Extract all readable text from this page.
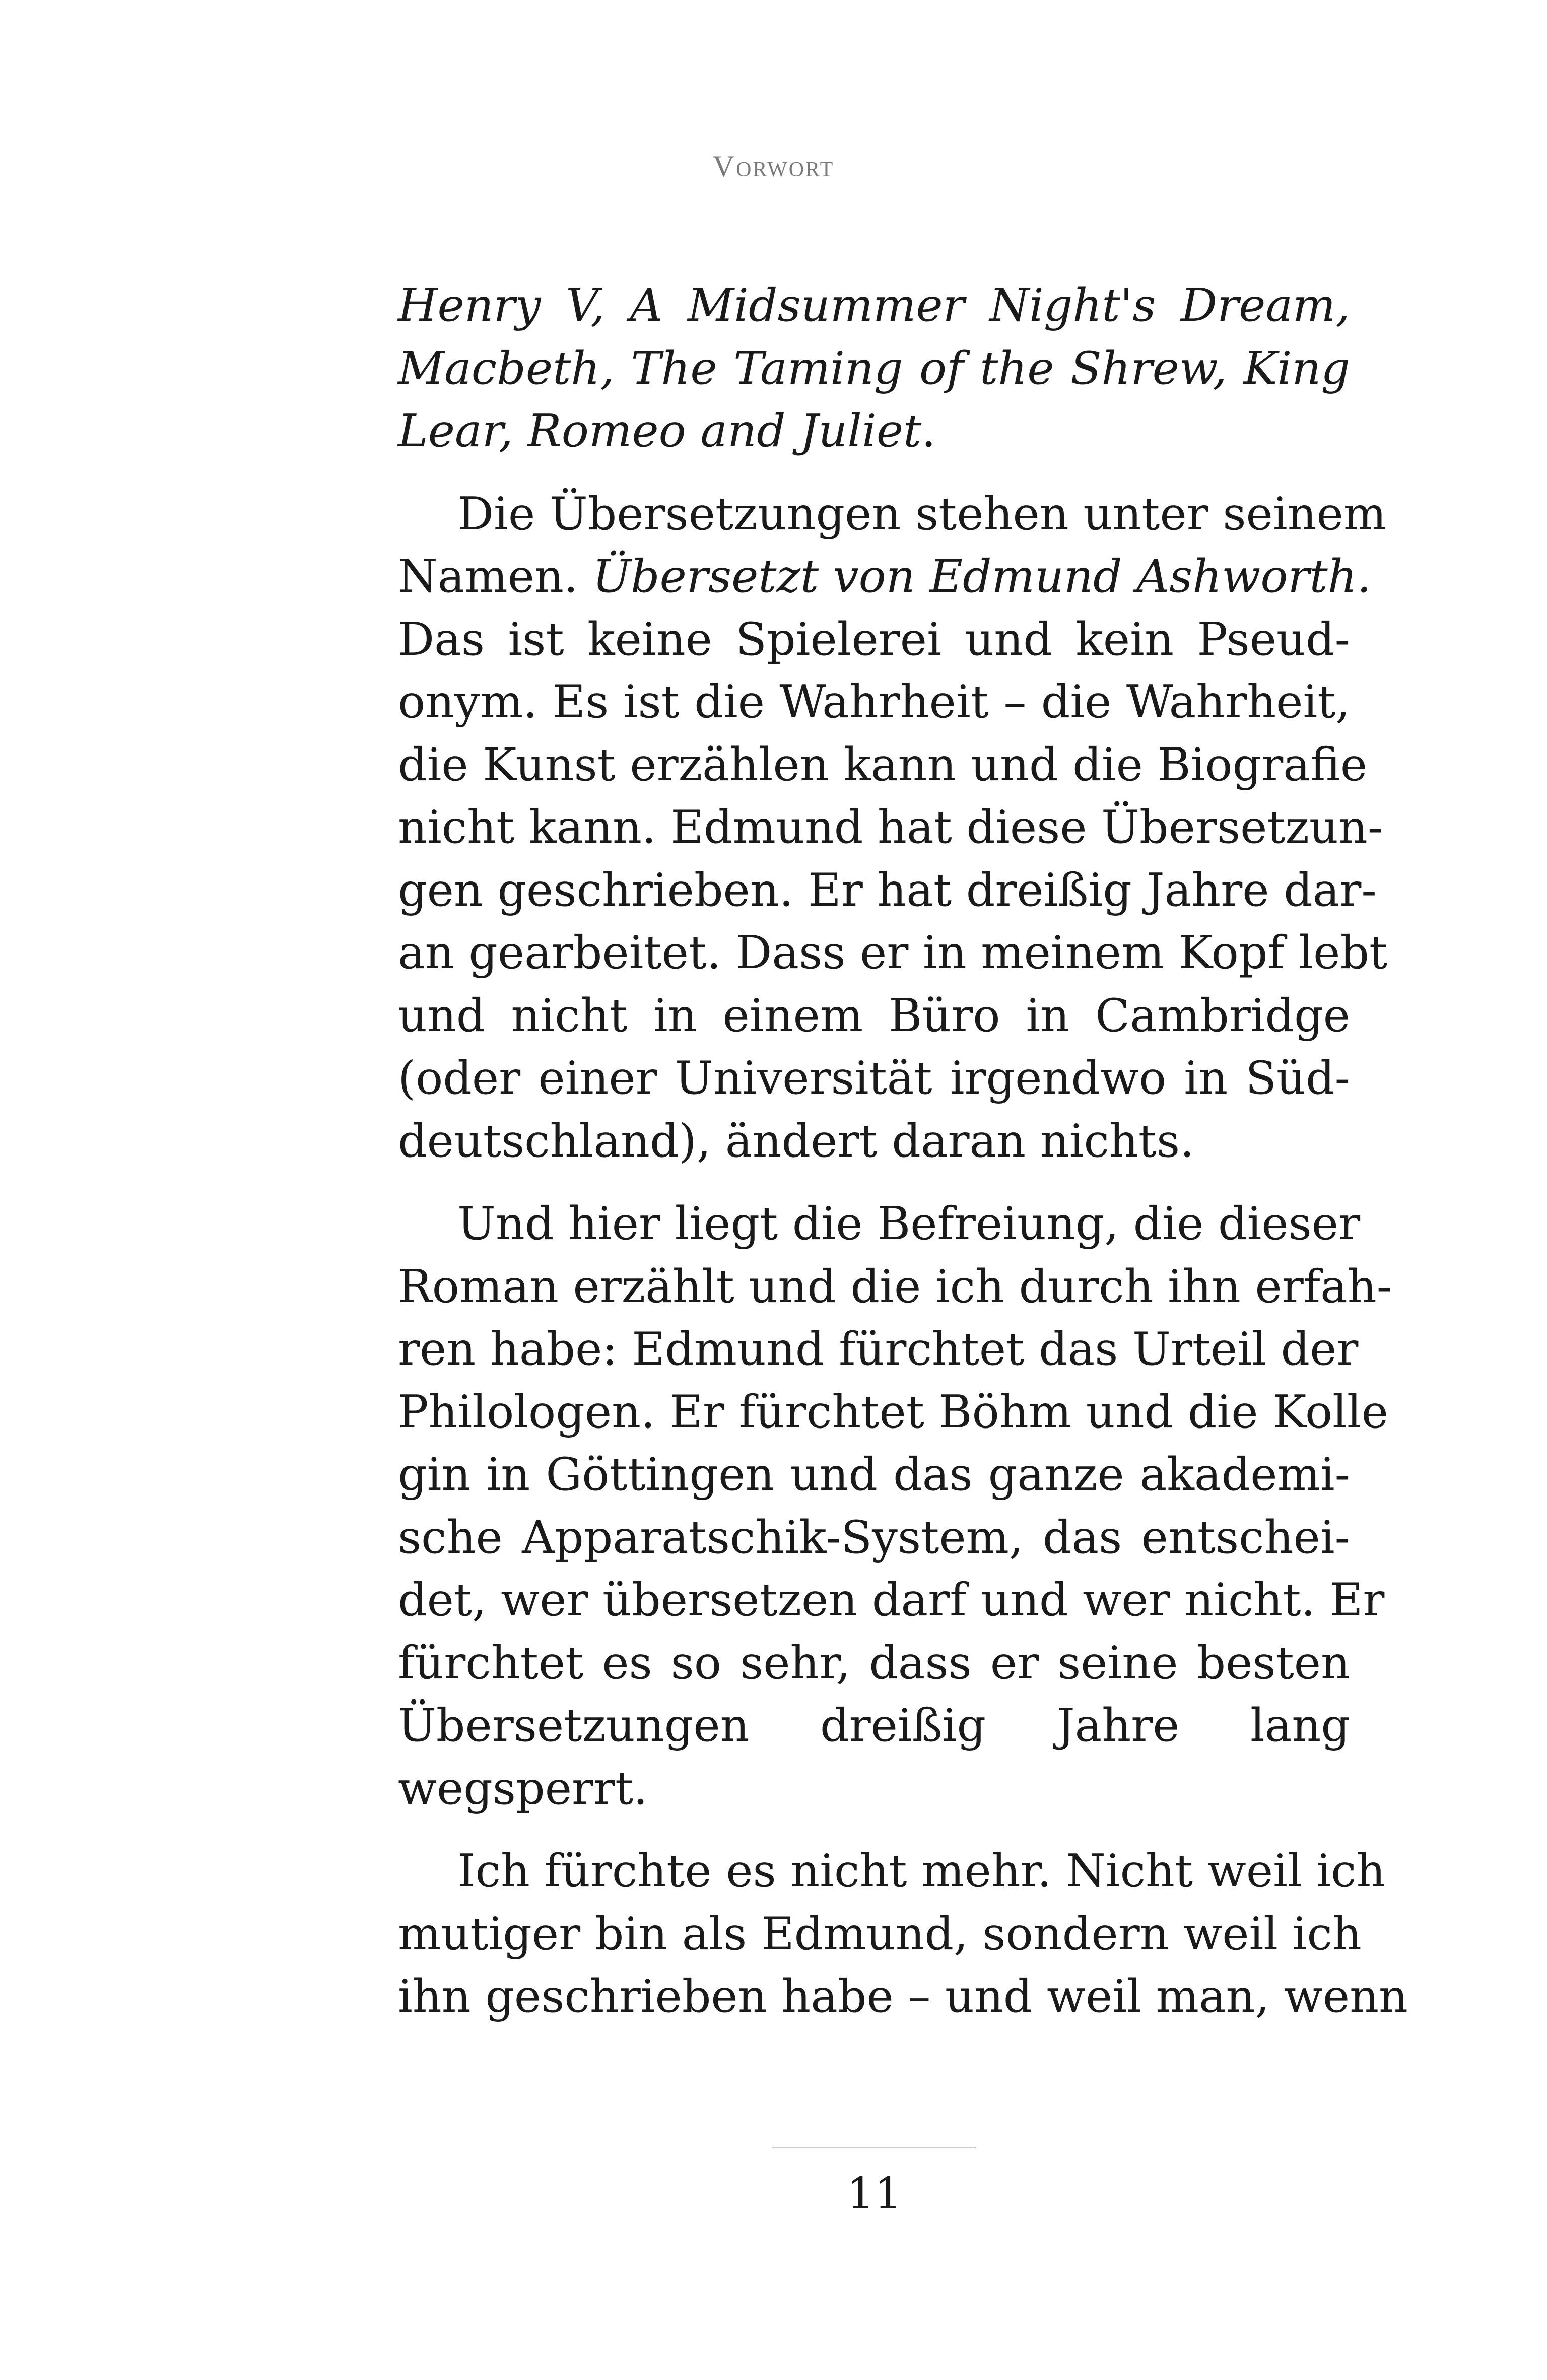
Vorwort
Henry V, A Midsummer Night's Dream,
Macbeth, The Taming of the Shrew, King
Lear, Romeo and Juliet.
Die Übersetzungen stehen unter seinem
Namen. Übersetzt von Edmund Ashworth.
Das ist keine Spielerei und kein Pseud-
onym. Es ist die Wahrheit – die Wahrheit,
die Kunst erzählen kann und die Biografie
nicht kann. Edmund hat diese Übersetzun-
gen geschrieben. Er hat dreißig Jahre dar-
an gearbeitet. Dass er in meinem Kopf lebt
und nicht in einem Büro in Cambridge
(oder einer Universität irgendwo in Süd-
deutschland), ändert daran nichts.
Und hier liegt die Befreiung, die dieser
Roman erzählt und die ich durch ihn erfah-
ren habe: Edmund fürchtet das Urteil der
Philologen. Er fürchtet Böhm und die Kolle
gin in Göttingen und das ganze akademi-
sche Apparatschik-System, das entschei-
det, wer übersetzen darf und wer nicht. Er
fürchtet es so sehr, dass er seine besten
Übersetzungen dreißig Jahre lang
wegsperrt.
Ich fürchte es nicht mehr. Nicht weil ich
mutiger bin als Edmund, sondern weil ich
ihn geschrieben habe – und weil man, wenn
11
